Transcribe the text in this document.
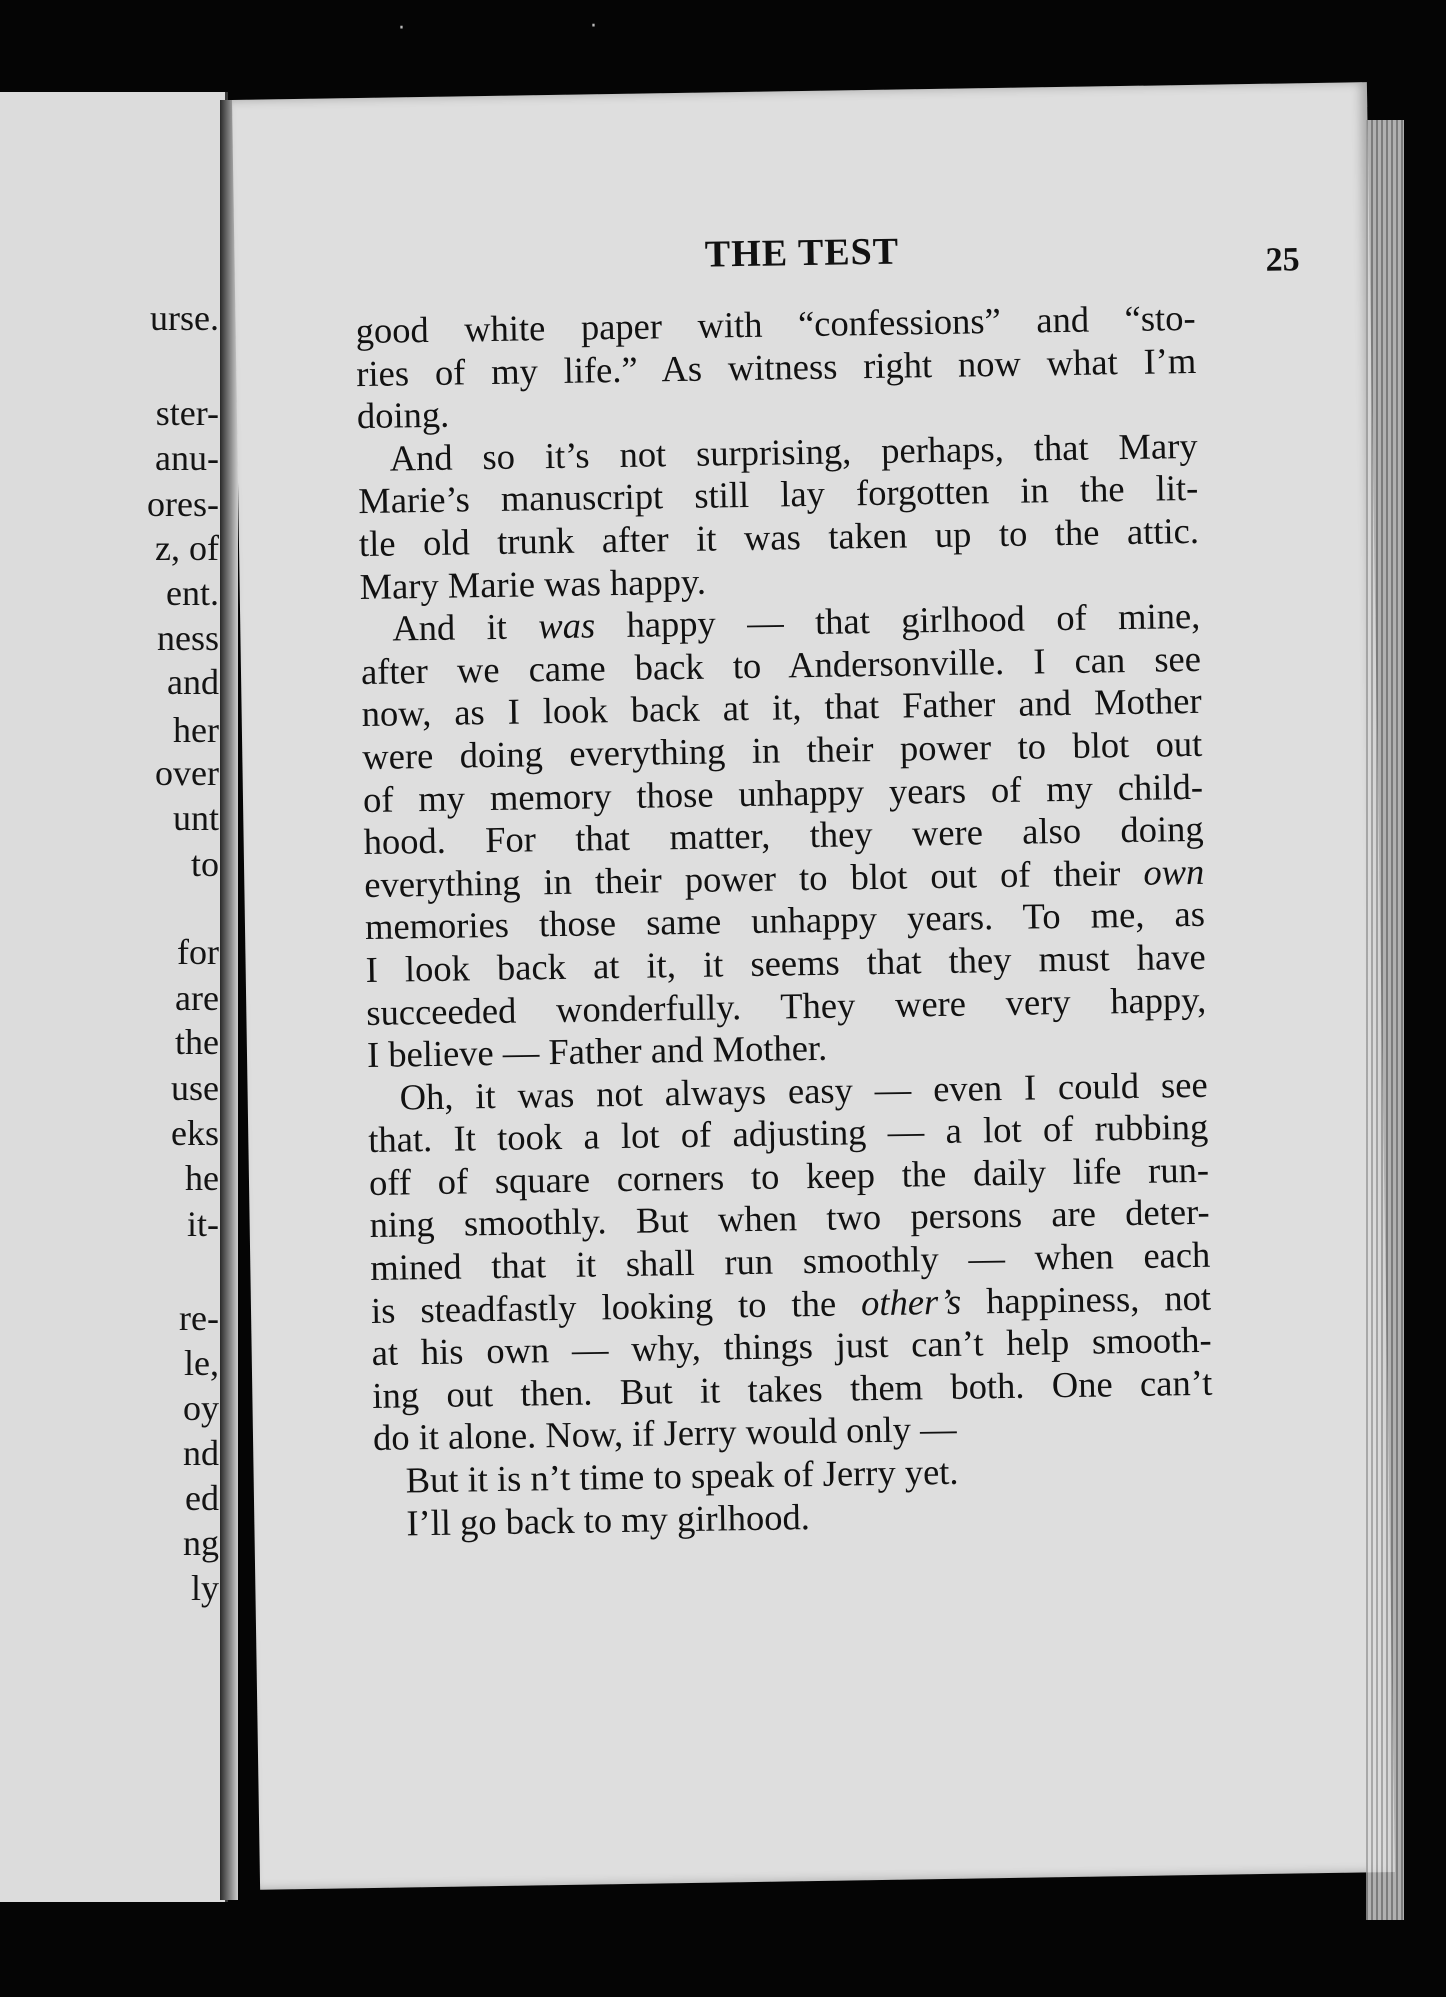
urse.
ster-
anu-
ores-
z, of
ent.
ness
and
her
over
unt
to
for
are
the
use
eks
he
it-
re-
le,
oy
nd
ed
ng
ly
THE TEST	25
good white paper with “confessions” and “sto-
ries of my life.” As witness right now what I’m
doing.
And so it’s not surprising, perhaps, that Mary
Marie’s manuscript still lay forgotten in the lit-
tle old trunk after it was taken up to the attic.
Mary Marie was happy.
And it was happy — that girlhood of mine,
after we came back to Andersonville. I can see
now, as I look back at it, that Father and Mother
were doing everything in their power to blot out
of my memory those unhappy years of my child-
hood. For that matter, they were also doing
everything in their power to blot out of their own
memories those same unhappy years. To me, as
I look back at it, it seems that they must have
succeeded wonderfully. They were very happy,
I believe — Father and Mother.
Oh, it was not always easy — even I could see
that. It took a lot of adjusting — a lot of rubbing
off of square corners to keep the daily life run-
ning smoothly. But when two persons are deter-
mined that it shall run smoothly — when each
is steadfastly looking to the other’s happiness, not
at his own — why, things just can’t help smooth-
ing out then. But it takes them both. One can’t
do it alone. Now, if Jerry would only —
But it is n’t time to speak of Jerry yet.
I’ll go back to my girlhood.
·	·
